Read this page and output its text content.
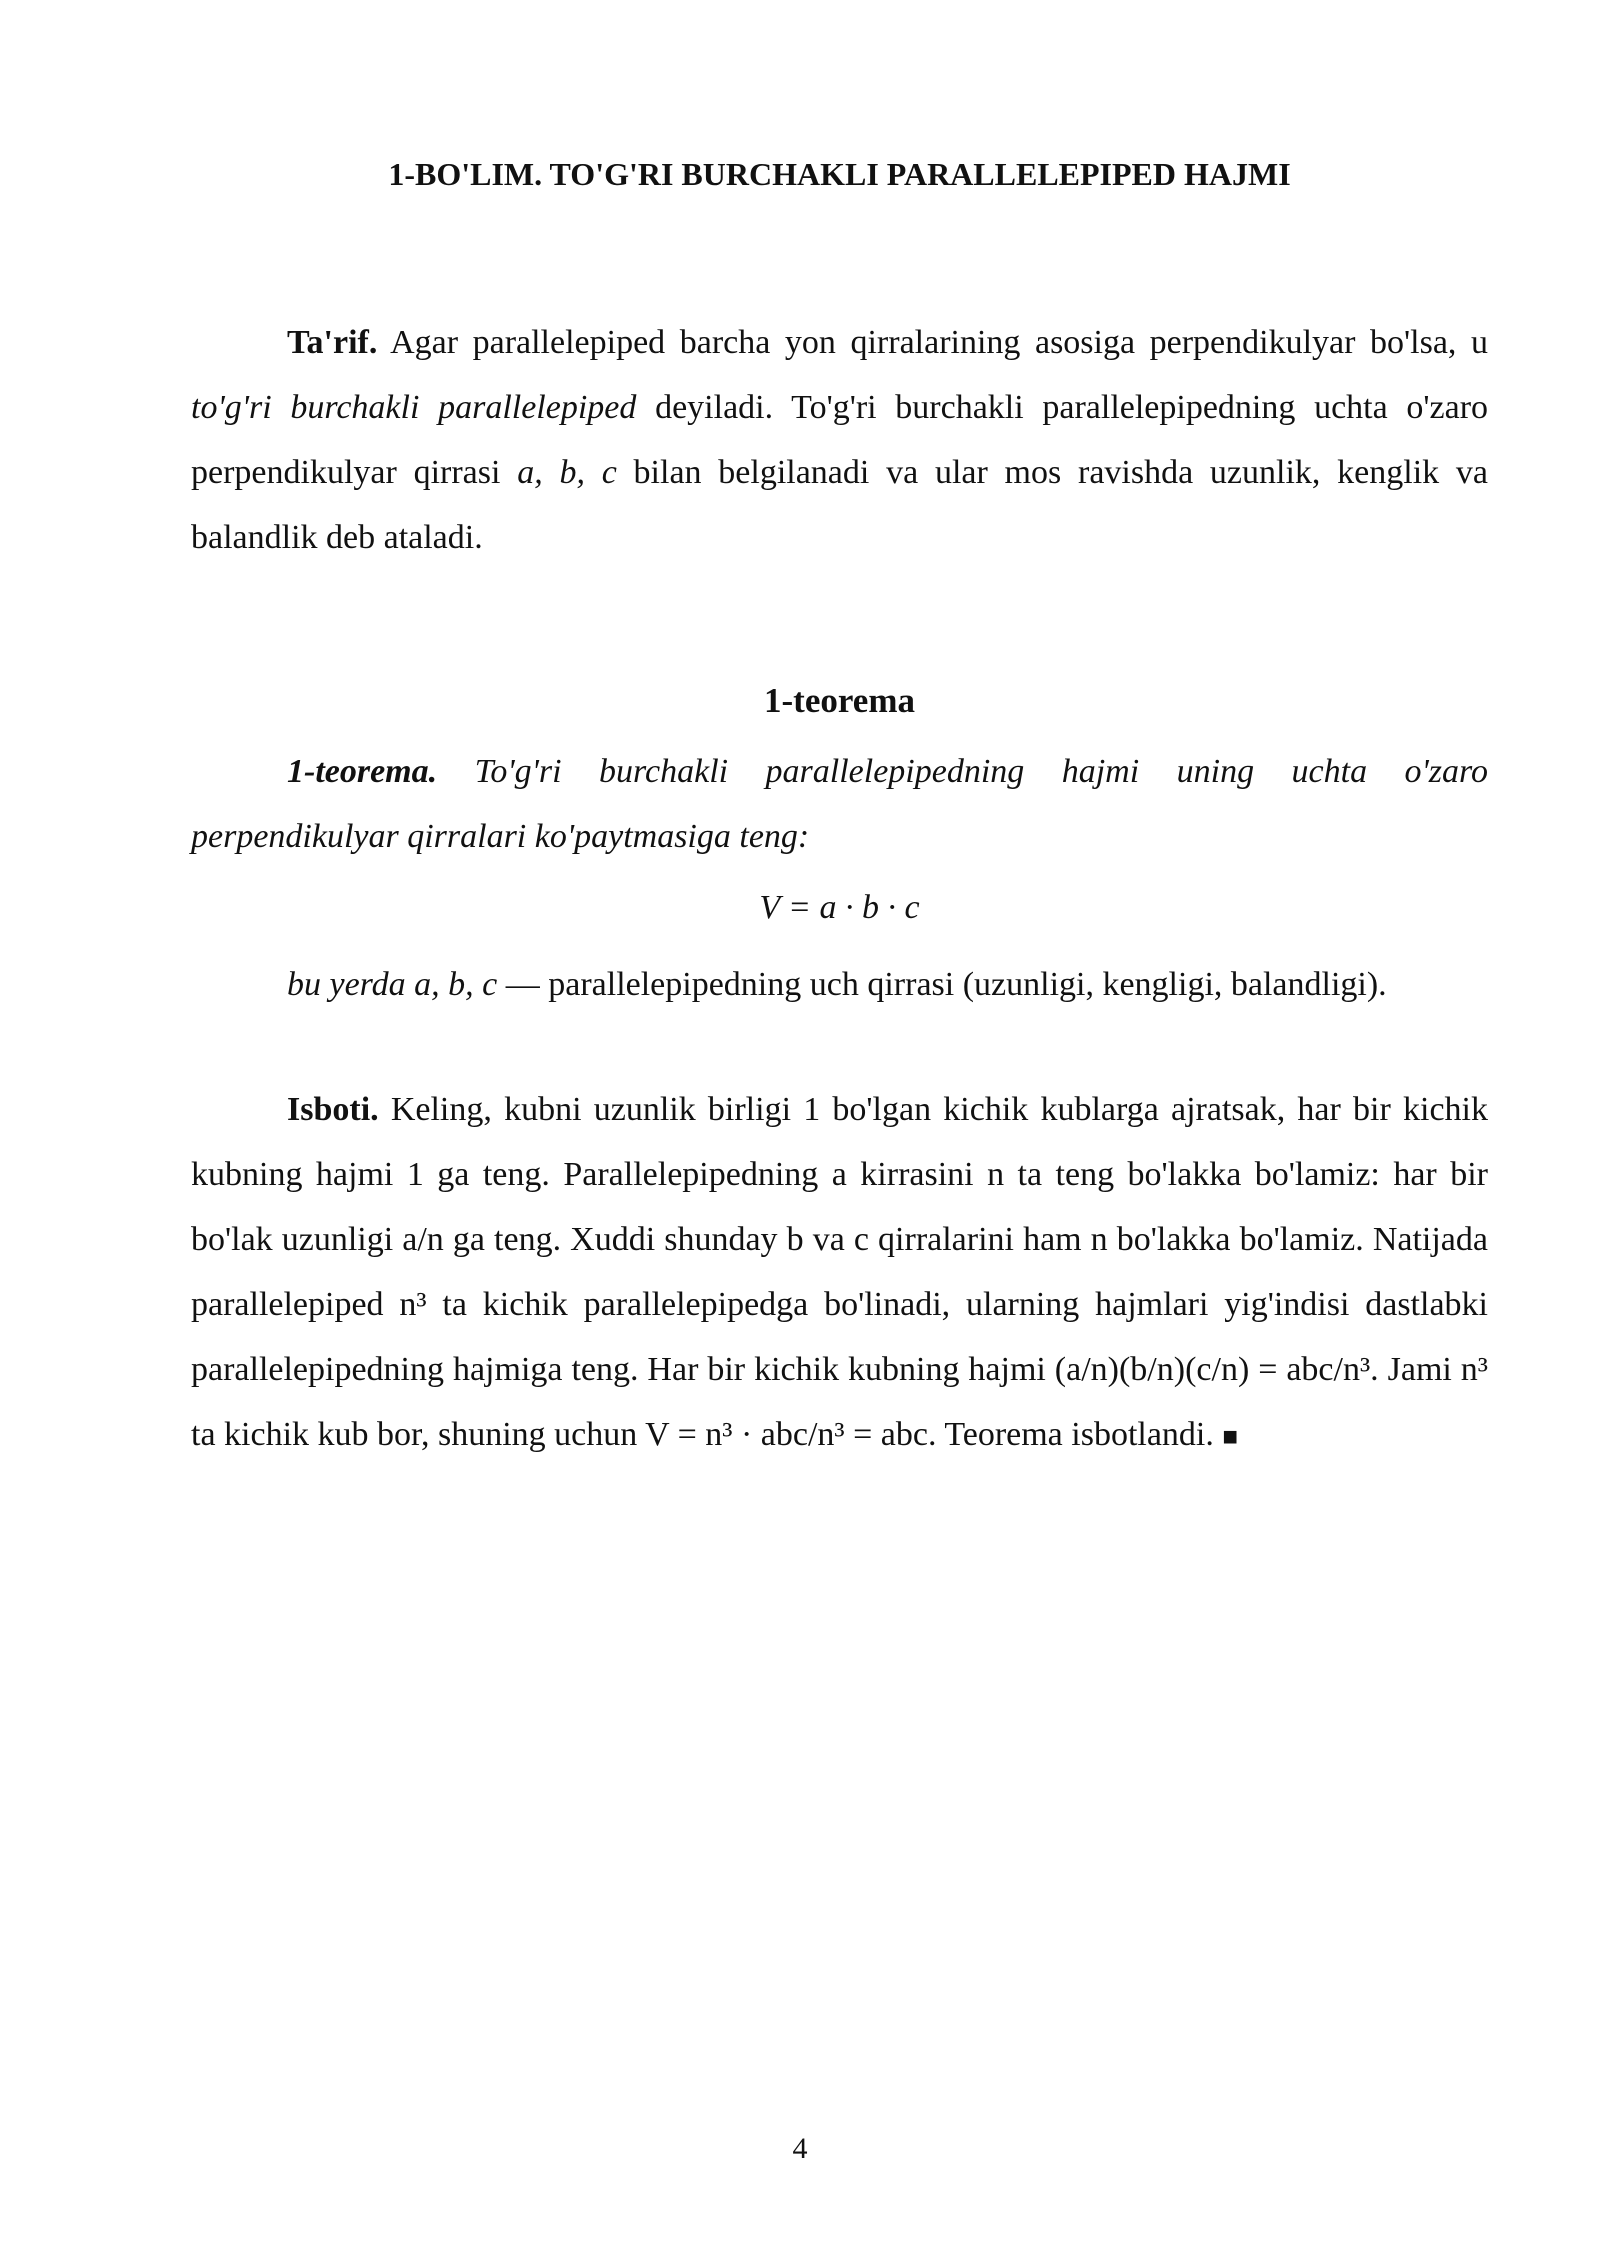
1-BO'LIM. TO'G'RI BURCHAKLI PARALLELEPIPED HAJMI

Ta'rif. Agar parallelepiped barcha yon qirralarining asosiga perpendikulyar bo'lsa, u to'g'ri burchakli parallelepiped deyiladi. To'g'ri burchakli parallelepipedning uchta o'zaro perpendikulyar qirrasi a, b, c bilan belgilanadi va ular mos ravishda uzunlik, kenglik va balandlik deb ataladi.

1-teorema

1-teorema. To'g'ri burchakli parallelepipedning hajmi uning uchta o'zaro perpendikulyar qirralari ko'paytmasiga teng:

V = a · b · c

bu yerda a, b, c — parallelepipedning uch qirrasi (uzunligi, kengligi, balandligi).

Isboti. Keling, kubni uzunlik birligi 1 bo'lgan kichik kublarga ajratsak, har bir kichik kubning hajmi 1 ga teng. Parallelepipedning a kirrasini n ta teng bo'lakka bo'lamiz: har bir bo'lak uzunligi a/n ga teng. Xuddi shunday b va c qirralarini ham n bo'lakka bo'lamiz. Natijada parallelepiped n³ ta kichik parallelepipedga bo'linadi, ularning hajmlari yig'indisi dastlabki parallelepipedning hajmiga teng. Har bir kichik kubning hajmi (a/n)(b/n)(c/n) = abc/n³. Jami n³ ta kichik kub bor, shuning uchun V = n³ · abc/n³ = abc. Teorema isbotlandi. ■

4
